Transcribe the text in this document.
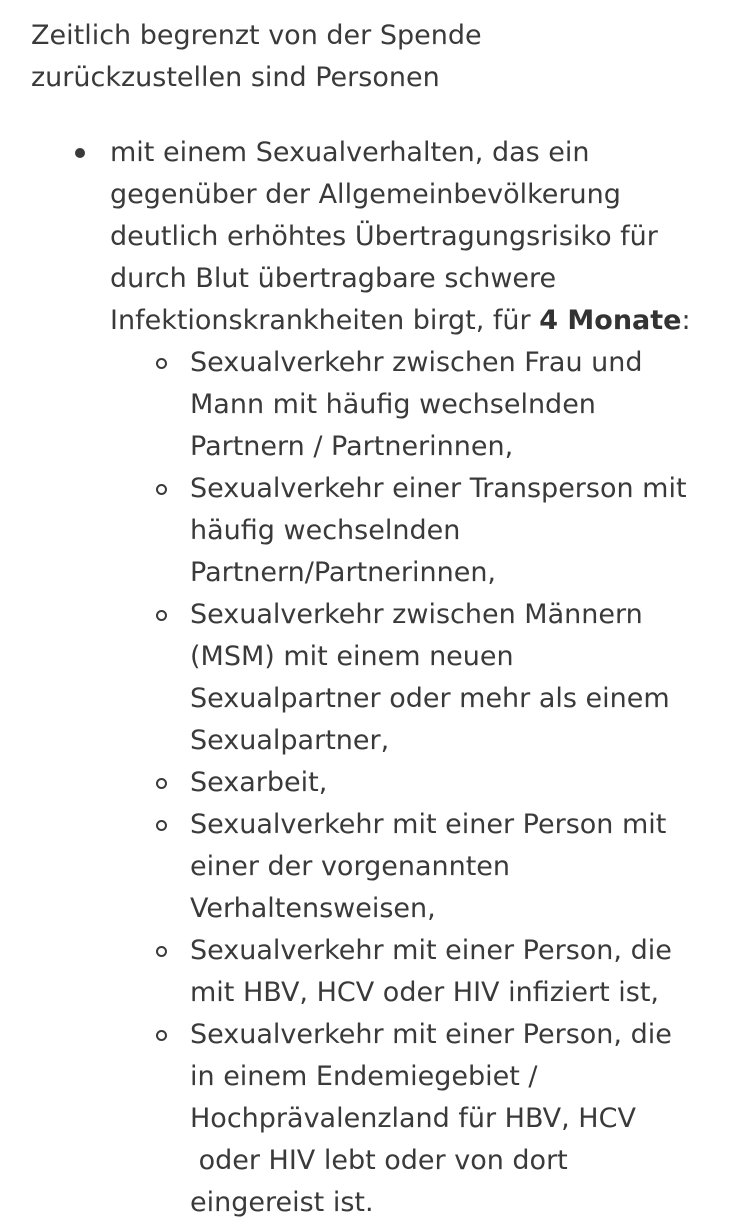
Zeitlich begrenzt von der Spende
zurückzustellen sind Personen

mit einem Sexualverhalten, das ein
gegenüber der Allgemeinbevölkerung
deutlich erhöhtes Übertragungsrisiko für
durch Blut übertragbare schwere
Infektionskrankheiten birgt, für 4 Monate:
Sexualverkehr zwischen Frau und
Mann mit häufig wechselnden
Partnern / Partnerinnen,
Sexualverkehr einer Transperson mit
häufig wechselnden
Partnern/Partnerinnen,
Sexualverkehr zwischen Männern
(MSM) mit einem neuen
Sexualpartner oder mehr als einem
Sexualpartner,
Sexarbeit,
Sexualverkehr mit einer Person mit
einer der vorgenannten
Verhaltensweisen,
Sexualverkehr mit einer Person, die
mit HBV, HCV oder HIV infiziert ist,
Sexualverkehr mit einer Person, die
in einem Endemiegebiet /
Hochprävalenzland für HBV, HCV
oder HIV lebt oder von dort
eingereist ist.
